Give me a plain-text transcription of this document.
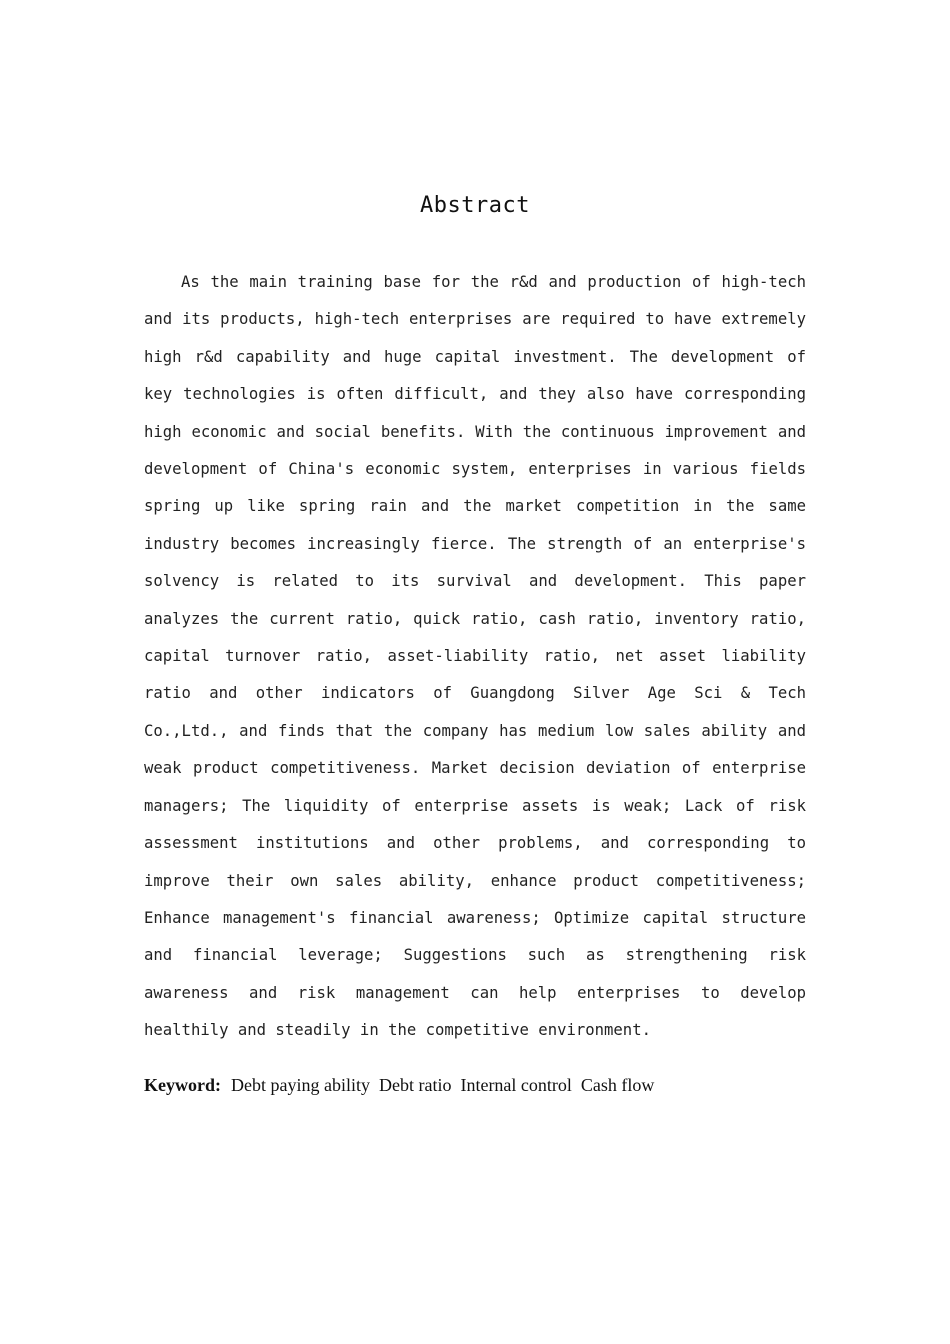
Abstract

As the main training base for the r&d and production of high-tech and its products, high-tech enterprises are required to have extremely high r&d capability and huge capital investment. The development of key technologies is often difficult, and they also have corresponding high economic and social benefits. With the continuous improvement and development of China's economic system, enterprises in various fields spring up like spring rain and the market competition in the same industry becomes increasingly fierce. The strength of an enterprise's solvency is related to its survival and development. This paper analyzes the current ratio, quick ratio, cash ratio, inventory ratio, capital turnover ratio, asset-liability ratio, net asset liability ratio and other indicators of Guangdong Silver Age Sci & Tech Co.,Ltd., and finds that the company has medium low sales ability and weak product competitiveness. Market decision deviation of enterprise managers; The liquidity of enterprise assets is weak; Lack of risk assessment institutions and other problems, and corresponding to improve their own sales ability, enhance product competitiveness; Enhance management's financial awareness; Optimize capital structure and financial leverage; Suggestions such as strengthening risk awareness and risk management can help enterprises to develop healthily and steadily in the competitive environment.

Keyword: Debt paying ability Debt ratio Internal control Cash flow
